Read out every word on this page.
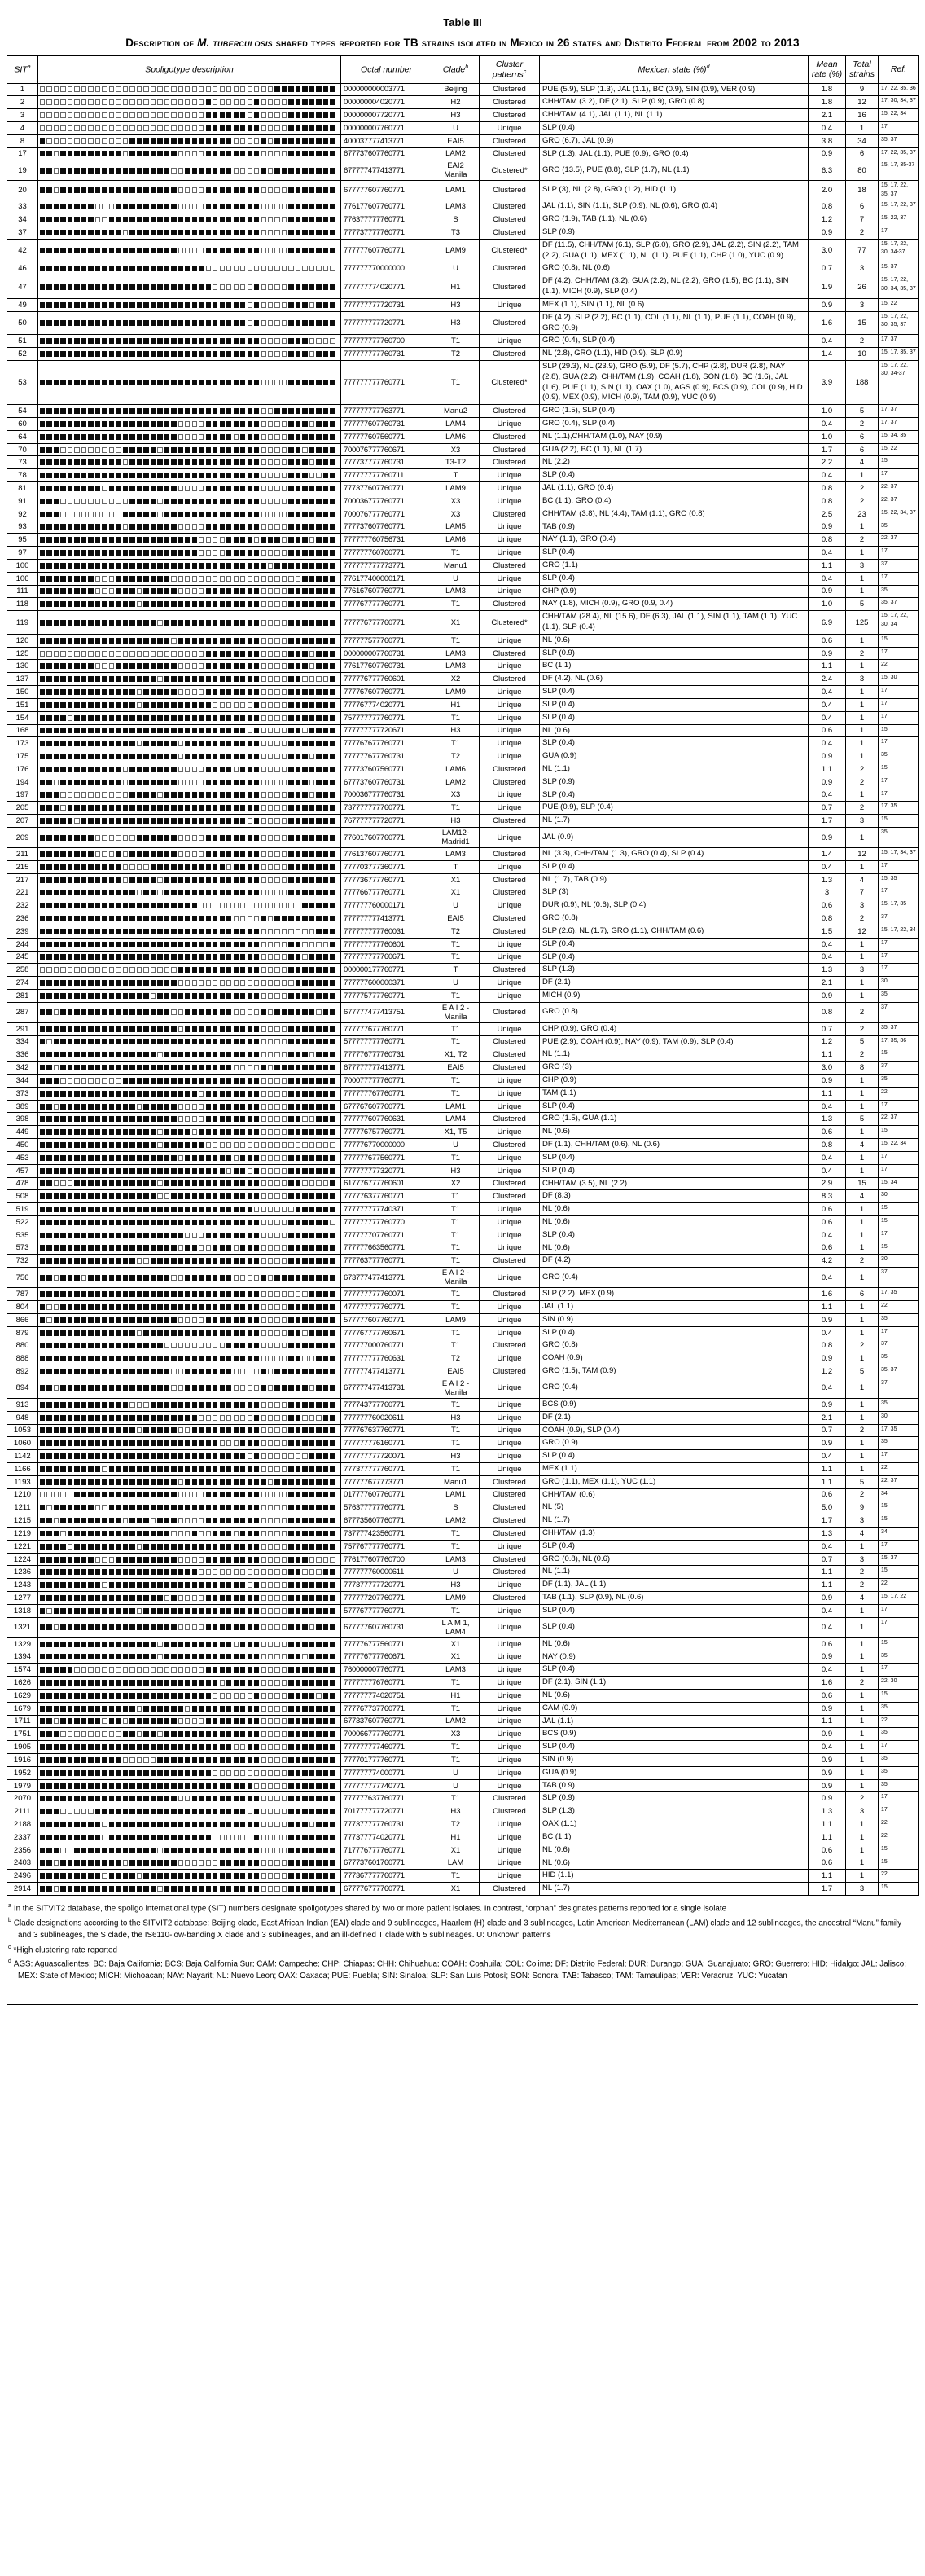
Table III
Description of M. tuberculosis shared types reported for TB strains isolated in Mexico in 26 states and Distrito Federal from 2002 to 2013
SIT$^a$	Spoligotype description	Octal number	Clade$^b$	Cluster patterns$^c$	Mexican state (%)$^d$	Mean rate (%)	Total strains	Ref.
1		000000000003771	Beijing	Clustered	PUE (5.9), SLP (1.3), JAL (1.1), BC (0.9), SIN (0.9), VER (0.9)	1.8	9	17, 22, 35, 36
2		000000004020771	H2	Clustered	CHH/TAM (3.2), DF (2.1), SLP (0.9), GRO (0.8)	1.8	12	17, 30, 34, 37
3		000000007720771	H3	Clustered	CHH/TAM (4.1), JAL (1.1), NL (1.1)	2.1	16	15, 22, 34
4		000000007760771	U	Unique	SLP (0.4)	0.4	1	17
8		400037777413771	EAI5	Clustered	GRO (6.7), JAL (0.9)	3.8	34	35, 37
17		677737607760771	LAM2	Clustered	SLP (1.3), JAL (1.1), PUE (0.9), GRO (0.4)	0.9	6	17, 22, 35, 37
19		677777477413771	EAI2 Manila	Clustered*	GRO (13.5), PUE (8.8), SLP (1.7), NL (1.1)	6.3	80	15, 17, 35-37
20		677777607760771	LAM1	Clustered	SLP (3), NL (2.8), GRO (1.2), HID (1.1)	2.0	18	15, 17, 22, 35, 37
33		776177607760771	LAM3	Clustered	JAL (1.1), SIN (1.1), SLP (0.9), NL (0.6), GRO (0.4)	0.8	6	15, 17, 22, 37
34		776377777760771	S	Clustered	GRO (1.9), TAB (1.1), NL (0.6)	1.2	7	15, 22, 37
37		777737777760771	T3	Clustered	SLP (0.9)	0.9	2	17
42		777777607760771	LAM9	Clustered*	DF (11.5), CHH/TAM (6.1), SLP (6.0), GRO (2.9), JAL (2.2), SIN (2.2), TAM (2.2), GUA (1.1), MEX (1.1), NL (1.1), PUE (1.1), CHP (1.0), YUC (0.9)	3.0	77	15, 17, 22, 30, 34-37
46		777777770000000	U	Clustered	GRO (0.8), NL (0.6)	0.7	3	15, 37
47		777777774020771	H1	Clustered	DF (4.2), CHH/TAM (3.2), GUA (2.2), NL (2.2), GRO (1.5), BC (1.1), SIN (1.1), MICH (0.9), SLP (0.4)	1.9	26	15, 17, 22, 30, 34, 35, 37
49		777777777720731	H3	Unique	MEX (1.1), SIN (1.1), NL (0.6)	0.9	3	15, 22
50		777777777720771	H3	Clustered	DF (4.2), SLP (2.2), BC (1.1), COL (1.1), NL (1.1), PUE (1.1), COAH (0.9), GRO (0.9)	1.6	15	15, 17, 22, 30, 35, 37
51		777777777760700	T1	Unique	GRO (0.4), SLP (0.4)	0.4	2	17, 37
52		777777777760731	T2	Clustered	NL (2.8), GRO (1.1), HID (0.9), SLP (0.9)	1.4	10	15, 17, 35, 37
53		777777777760771	T1	Clustered*	SLP (29.3), NL (23.9), GRO (5.9), DF (5.7), CHP (2.8), DUR (2.8), NAY (2.8), GUA (2.2), CHH/TAM (1.9), COAH (1.8), SON (1.8), BC (1.6), JAL (1.6), PUE (1.1), SIN (1.1), OAX (1.0), AGS (0.9), BCS (0.9), COL (0.9), HID (0.9), MEX (0.9), MICH (0.9), TAM (0.9), YUC (0.9)	3.9	188	15, 17, 22, 30, 34-37
54		777777777763771	Manu2	Clustered	GRO (1.5), SLP (0.4)	1.0	5	17, 37
60		777777607760731	LAM4	Unique	GRO (0.4), SLP (0.4)	0.4	2	17, 37
64		777777607560771	LAM6	Clustered	NL (1.1),CHH/TAM (1.0), NAY (0.9)	1.0	6	15, 34, 35
70		700076777760671	X3	Clustered	GUA (2.2), BC (1.1), NL (1.7)	1.7	6	15, 22
73		777737777760731	T3-T2	Clustered	NL (2.2)	2.2	4	15
78		777777777760711	T	Unique	SLP (0.4)	0.4	1	17
81		777377607760771	LAM9	Unique	JAL (1.1), GRO (0.4)	0.8	2	22, 37
91		700036777760771	X3	Unique	BC (1.1), GRO (0.4)	0.8	2	22, 37
92		700076777760771	X3	Clustered	CHH/TAM (3.8), NL (4.4), TAM (1.1), GRO (0.8)	2.5	23	15, 22, 34, 37
93		777737607760771	LAM5	Unique	TAB (0.9)	0.9	1	35
95		777777760756731	LAM6	Unique	NAY (1.1), GRO (0.4)	0.8	2	22, 37
97		777777760760771	T1	Unique	SLP (0.4)	0.4	1	17
100		777777777773771	Manu1	Clustered	GRO (1.1)	1.1	3	37
106		776177400000171	U	Unique	SLP (0.4)	0.4	1	17
111		776167607760771	LAM3	Unique	CHP (0.9)	0.9	1	35
118		777767777760771	T1	Clustered	NAY (1.8), MICH (0.9), GRO (0.9, 0.4)	1.0	5	35, 37
119		777776777760771	X1	Clustered*	CHH/TAM (28.4), NL (15.6), DF (6.3), JAL (1.1), SIN (1.1), TAM (1.1), YUC (1.1), SLP (0.4)	6.9	125	15, 17, 22, 30, 34
120		777777577760771	T1	Unique	NL (0.6)	0.6	1	15
125		000000007760731	LAM3	Clustered	SLP (0.9)	0.9	2	17
130		776177607760731	LAM3	Unique	BC (1.1)	1.1	1	22
137		777776777760601	X2	Clustered	DF (4.2), NL (0.6)	2.4	3	15, 30
150		777767607760771	LAM9	Unique	SLP (0.4)	0.4	1	17
151		777767774020771	H1	Unique	SLP (0.4)	0.4	1	17
154		757777777760771	T1	Unique	SLP (0.4)	0.4	1	17
168		777777777720671	H3	Unique	NL (0.6)	0.6	1	15
173		777767677760771	T1	Unique	SLP (0.4)	0.4	1	17
175		777777677760731	T2	Unique	GUA (0.9)	0.9	1	35
176		777737607560771	LAM6	Clustered	NL (1.1)	1.1	2	15
194		677737607760731	LAM2	Clustered	SLP (0.9)	0.9	2	17
197		700036777760731	X3	Unique	SLP (0.4)	0.4	1	17
205		737777777760771	T1	Unique	PUE (0.9), SLP (0.4)	0.7	2	17, 35
207		767777777720771	H3	Clustered	NL (1.7)	1.7	3	15
209		776017607760771	LAM12-Madrid1	Unique	JAL (0.9)	0.9	1	35
211		776137607760771	LAM3	Clustered	NL (3.3), CHH/TAM (1.3), GRO (0.4), SLP (0.4)	1.4	12	15, 17, 34, 37
215		777703777360771	T	Unique	SLP (0.4)	0.4	1	17
217		777736777760771	X1	Clustered	NL (1.7), TAB (0.9)	1.3	4	15, 35
221		777766777760771	X1	Clustered	SLP (3)	3	7	17
232		777777760000171	U	Unique	DUR (0.9), NL (0.6), SLP (0.4)	0.6	3	15, 17, 35
236		777777777413771	EAI5	Clustered	GRO (0.8)	0.8	2	37
239		777777777760031	T2	Clustered	SLP (2.6), NL (1.7), GRO (1.1), CHH/TAM (0.6)	1.5	12	15, 17, 22, 34
244		777777777760601	T1	Unique	SLP (0.4)	0.4	1	17
245		777777777760671	T1	Unique	SLP (0.4)	0.4	1	17
258		000000177760771	T	Clustered	SLP (1.3)	1.3	3	17
274		777777600000371	U	Unique	DF (2.1)	2.1	1	30
281		777775777760771	T1	Unique	MICH (0.9)	0.9	1	35
287		677777477413751	E A I 2 - Manila	Clustered	GRO (0.8)	0.8	2	37
291		777777677760771	T1	Unique	CHP (0.9), GRO (0.4)	0.7	2	35, 37
334		577777777760771	T1	Clustered	PUE (2.9), COAH (0.9), NAY (0.9), TAM (0.9), SLP (0.4)	1.2	5	17, 35, 36
336		777776777760731	X1, T2	Clustered	NL (1.1)	1.1	2	15
342		677777777413771	EAI5	Clustered	GRO (3)	3.0	8	37
344		700077777760771	T1	Unique	CHP (0.9)	0.9	1	35
373		777777767760771	T1	Unique	TAM (1.1)	1.1	1	22
389		677767607760771	LAM1	Unique	SLP (0.4)	0.4	1	17
398		777777607760631	LAM4	Clustered	GRO (1.5), GUA (1.1)	1.3	5	22, 37
449		777776757760771	X1, T5	Unique	NL (0.6)	0.6	1	15
450		777776770000000	U	Clustered	DF (1.1), CHH/TAM (0.6), NL (0.6)	0.8	4	15, 22, 34
453		777777677560771	T1	Unique	SLP (0.4)	0.4	1	17
457		777777777320771	H3	Unique	SLP (0.4)	0.4	1	17
478		617776777760601	X2	Clustered	CHH/TAM (3.5), NL (2.2)	2.9	15	15, 34
508		777776377760771	T1	Clustered	DF (8.3)	8.3	4	30
519		777777777740371	T1	Unique	NL (0.6)	0.6	1	15
522		777777777760770	T1	Unique	NL (0.6)	0.6	1	15
535		777777707760771	T1	Unique	SLP (0.4)	0.4	1	17
573		777777663560771	T1	Unique	NL (0.6)	0.6	1	15
732		777763777760771	T1	Clustered	DF (4.2)	4.2	2	30
756		673777477413771	E A I 2 - Manila	Unique	GRO (0.4)	0.4	1	37
787		777777777760071	T1	Clustered	SLP (2.2), MEX (0.9)	1.6	6	17, 35
804		477777777760771	T1	Unique	JAL (1.1)	1.1	1	22
866		577777607760771	LAM9	Unique	SIN (0.9)	0.9	1	35
879		777767777760671	T1	Unique	SLP (0.4)	0.4	1	17
880		777777000760771	T1	Clustered	GRO (0.8)	0.8	2	37
888		777777777760631	T2	Unique	COAH (0.9)	0.9	1	35
892		777777477413771	EAI5	Clustered	GRO (1.5), TAM (0.9)	1.2	5	35, 37
894		677777477413731	E A I 2 - Manila	Unique	GRO (0.4)	0.4	1	37
913		777743777760771	T1	Unique	BCS (0.9)	0.9	1	35
948		777777760020611	H3	Unique	DF (2.1)	2.1	1	30
1053		777767637760771	T1	Unique	COAH (0.9), SLP (0.4)	0.7	2	17, 35
1060		777777776160771	T1	Unique	GRO (0.9)	0.9	1	35
1142		777777777720071	H3	Unique	SLP (0.4)	0.4	1	17
1166		777377777760771	T1	Unique	MEX (1.1)	1.1	1	22
1193		777777677773771	Manu1	Clustered	GRO (1.1), MEX (1.1), YUC (1.1)	1.1	5	22, 37
1210		017777607760771	LAM1	Clustered	CHH/TAM (0.6)	0.6	2	34
1211		576377777760771	S	Clustered	NL (5)	5.0	9	15
1215		677735607760771	LAM2	Clustered	NL (1.7)	1.7	3	15
1219		737777423560771	T1	Clustered	CHH/TAM (1.3)	1.3	4	34
1221		757767777760771	T1	Unique	SLP (0.4)	0.4	1	17
1224		776177607760700	LAM3	Clustered	GRO (0.8), NL (0.6)	0.7	3	15, 37
1236		777777760000611	U	Clustered	NL (1.1)	1.1	2	15
1243		777377777720771	H3	Unique	DF (1.1), JAL (1.1)	1.1	2	22
1277		777777207760771	LAM9	Clustered	TAB (1.1), SLP (0.9), NL (0.6)	0.9	4	15, 17, 22
1318		577767777760771	T1	Unique	SLP (0.4)	0.4	1	17
1321		677777607760731	L A M 1, LAM4	Unique	SLP (0.4)	0.4	1	17
1329		777776777560771	X1	Unique	NL (0.6)	0.6	1	15
1394		777776777760671	X1	Unique	NAY (0.9)	0.9	1	35
1574		760000007760771	LAM3	Unique	SLP (0.4)	0.4	1	17
1626		777777776760771	T1	Unique	DF (2.1), SIN (1.1)	1.6	2	22, 30
1629		777777774020751	H1	Unique	NL (0.6)	0.6	1	15
1679		777767737760771	T1	Unique	CAM (0.9)	0.9	1	35
1711		677337607760771	LAM2	Unique	JAL (1.1)	1.1	1	22
1751		700066777760771	X3	Unique	BCS (0.9)	0.9	1	35
1905		777777777460771	T1	Unique	SLP (0.4)	0.4	1	17
1916		777701777760771	T1	Unique	SIN (0.9)	0.9	1	35
1952		777777774000771	U	Unique	GUA (0.9)	0.9	1	35
1979		777777777740771	U	Unique	TAB (0.9)	0.9	1	35
2070		777777637760771	T1	Clustered	SLP (0.9)	0.9	2	17
2111		701777777720771	H3	Clustered	SLP (1.3)	1.3	3	17
2188		777377777760731	T2	Unique	OAX (1.1)	1.1	1	22
2337		777377774020771	H1	Unique	BC (1.1)	1.1	1	22
2356		717776777760771	X1	Unique	NL (0.6)	0.6	1	15
2403		677737601760771	LAM	Unique	NL (0.6)	0.6	1	15
2496		777367777760771	T1	Unique	HID (1.1)	1.1	1	22
2914		677776777760771	X1	Clustered	NL (1.7)	1.7	3	15
$^a$ In the SITVIT2 database, the spoligo international type (SIT) numbers designate spoligotypes shared by two or more patient isolates. In contrast, “orphan” designates patterns reported for a single isolate
$^b$ Clade designations according to the SITVIT2 database: Beijing clade, East African-Indian (EAI) clade and 9 sublineages, Haarlem (H) clade and 3 sublineages, Latin American-Mediterranean (LAM) clade and 12 sublineages, the ancestral “Manu” family and 3 sublineages, the S clade, the IS6110-low-banding X clade and 3 sublineages, and an ill-defined T clade with 5 sublineages. U: Unknown patterns
$^c$ *High clustering rate reported
$^d$ AGS: Aguascalientes; BC: Baja California; BCS: Baja California Sur; CAM: Campeche; CHP: Chiapas; CHH: Chihuahua; COAH: Coahuila; COL: Colima; DF: Distrito Federal; DUR: Durango; GUA: Guanajuato; GRO: Guerrero; HID: Hidalgo; JAL: Jalisco; MEX: State of Mexico; MICH: Michoacan; NAY: Nayarit; NL: Nuevo Leon; OAX: Oaxaca; PUE: Puebla; SIN: Sinaloa; SLP: San Luis Potosí; SON: Sonora; TAB: Tabasco; TAM: Tamaulipas; VER: Veracruz; YUC: Yucatan
